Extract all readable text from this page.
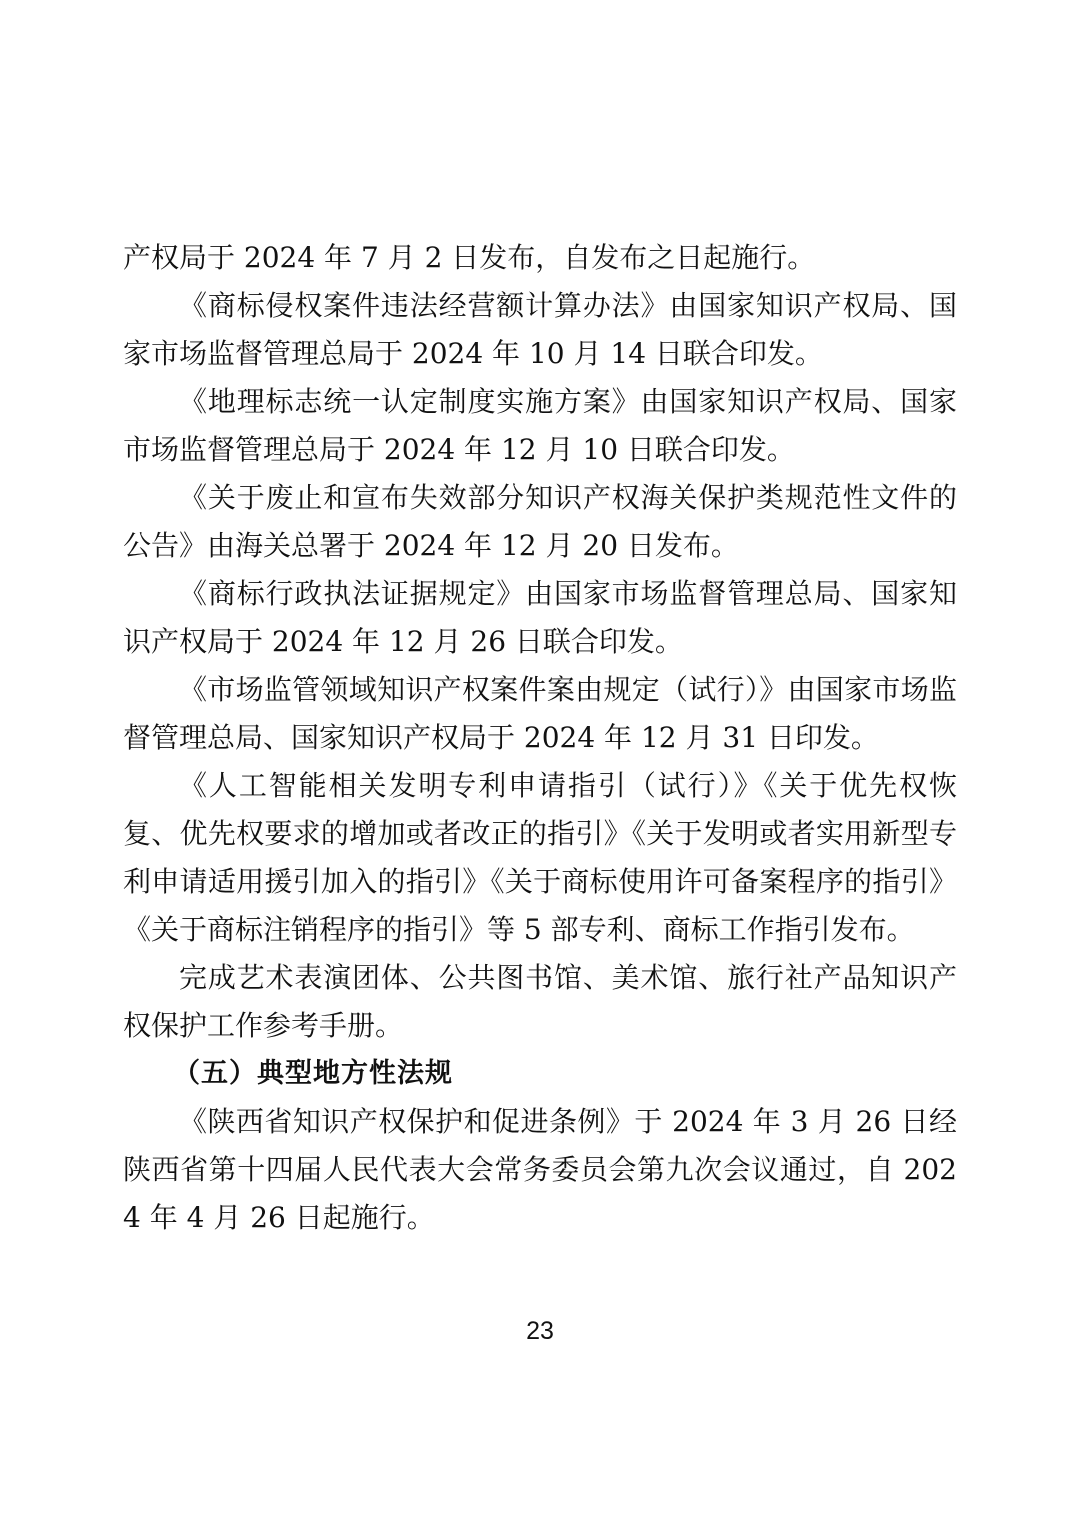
产权局于 2024 年 7 月 2 日发布，自发布之日起施行。

《商标侵权案件违法经营额计算办法》由国家知识产权局、国家市场监督管理总局于 2024 年 10 月 14 日联合印发。

《地理标志统一认定制度实施方案》由国家知识产权局、国家市场监督管理总局于 2024 年 12 月 10 日联合印发。

《关于废止和宣布失效部分知识产权海关保护类规范性文件的公告》由海关总署于 2024 年 12 月 20 日发布。

《商标行政执法证据规定》由国家市场监督管理总局、国家知识产权局于 2024 年 12 月 26 日联合印发。

《市场监管领域知识产权案件案由规定（试行）》由国家市场监督管理总局、国家知识产权局于 2024 年 12 月 31 日印发。

《人工智能相关发明专利申请指引（试行）》《关于优先权恢复、优先权要求的增加或者改正的指引》《关于发明或者实用新型专利申请适用援引加入的指引》《关于商标使用许可备案程序的指引》《关于商标注销程序的指引》等 5 部专利、商标工作指引发布。

完成艺术表演团体、公共图书馆、美术馆、旅行社产品知识产权保护工作参考手册。

（五）典型地方性法规

《陕西省知识产权保护和促进条例》于 2024 年 3 月 26 日经陕西省第十四届人民代表大会常务委员会第九次会议通过，自 2024 年 4 月 26 日起施行。

23
